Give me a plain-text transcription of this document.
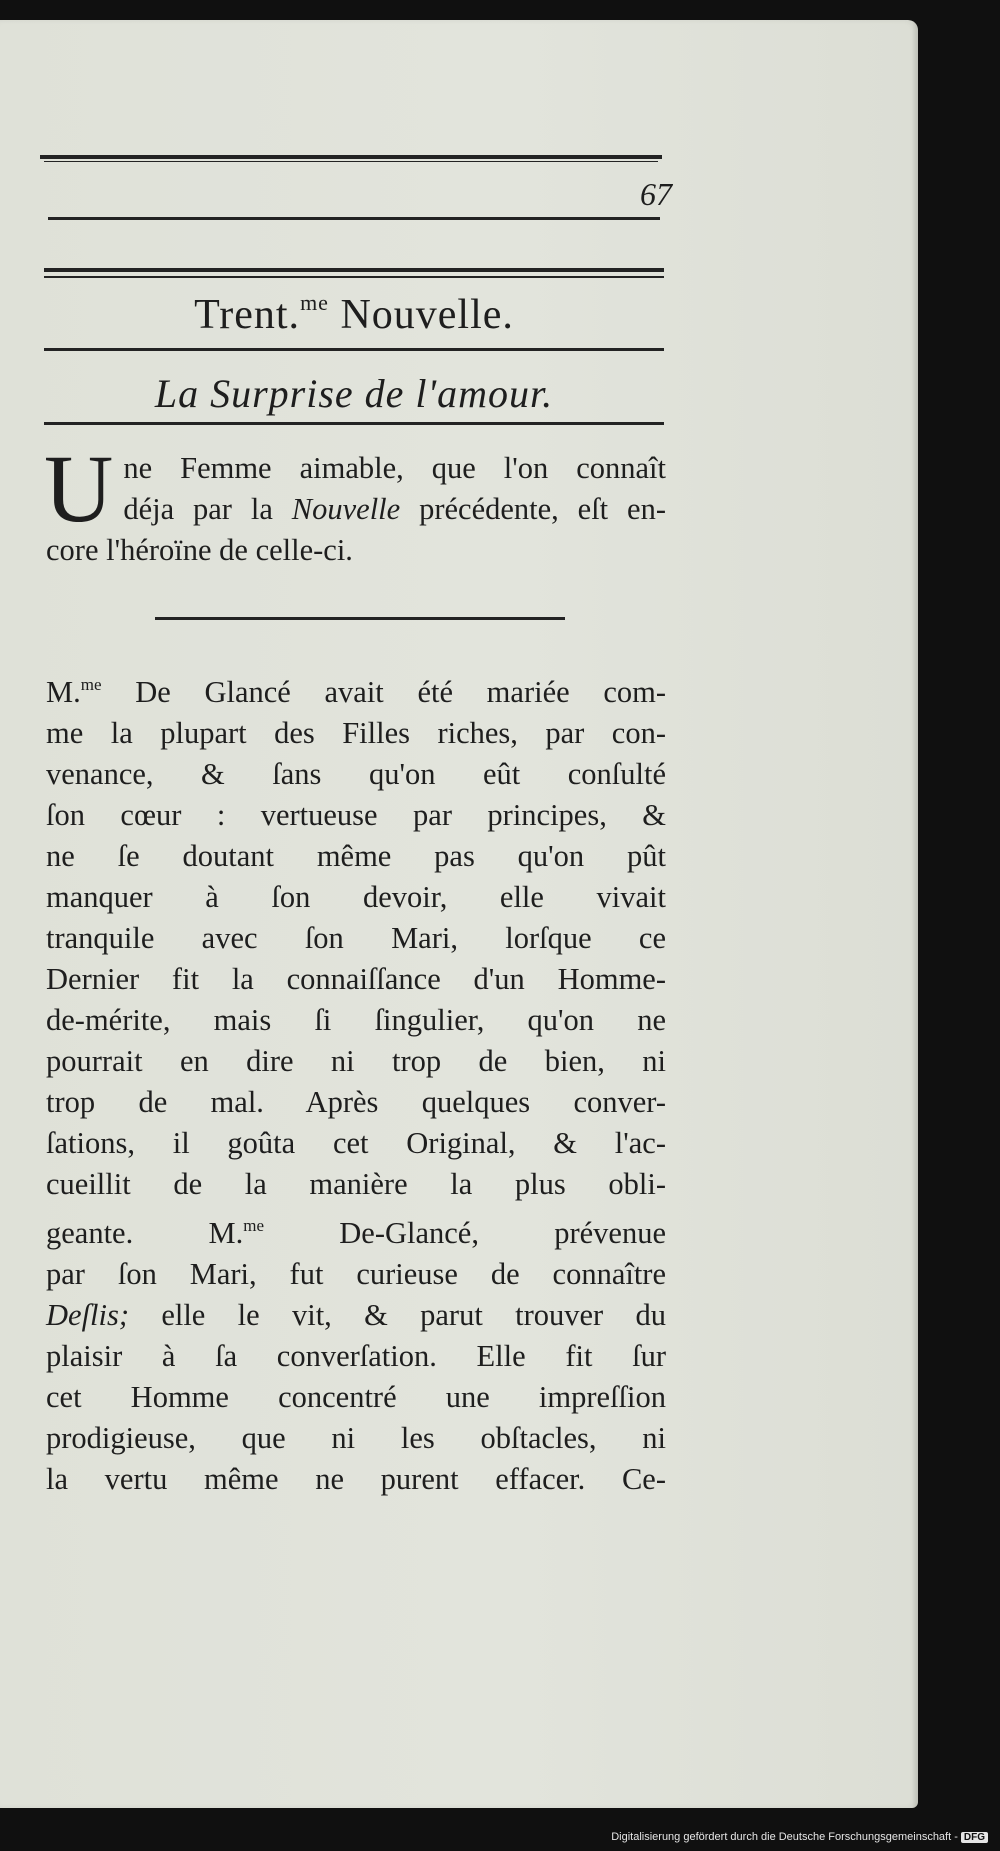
67
Trent.$^{me}$ Nouvelle.
La Surprise de l'amour.
U ne Femme aimable, que l'on connaît
déja par la Nouvelle précédente, eſt en-
core l'héroïne de celle-ci.
M.$^{me}$ De Glancé avait été mariée com-
me la plupart des Filles riches, par con-
venance, & ſans qu'on eût conſulté
ſon cœur : vertueuse par principes, &
ne ſe doutant même pas qu'on pût
manquer à ſon devoir, elle vivait
tranquile avec ſon Mari, lorſque ce
Dernier fit la connaiſſance d'un Homme-
de-mérite, mais ſi ſingulier, qu'on ne
pourrait en dire ni trop de bien, ni
trop de mal. Après quelques conver-
ſations, il goûta cet Original, & l'ac-
cueillit de la manière la plus obli-
geante. M.$^{me}$ De-Glancé, prévenue
par ſon Mari, fut curieuse de connaître
Deſlis; elle le vit, & parut trouver du
plaisir à ſa converſation. Elle fit ſur
cet Homme concentré une impreſſion
prodigieuse, que ni les obſtacles, ni
la vertu même ne purent effacer. Ce-
Digitalisierung gefördert durch die Deutsche Forschungsgemeinschaft - DFG
